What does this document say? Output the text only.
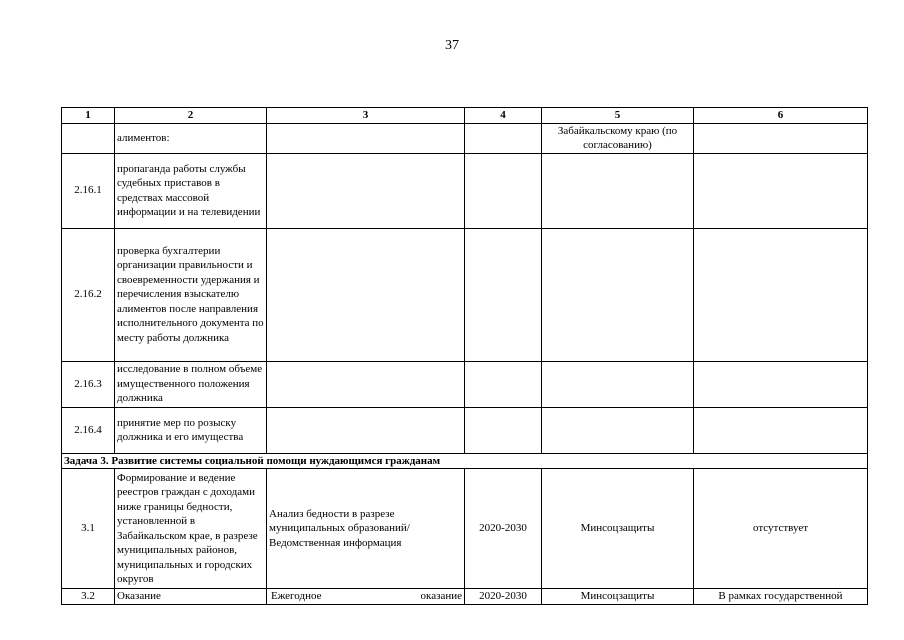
37
1	2	3	4	5	6
	алиментов:			Забайкальскому краю (по согласованию)	
2.16.1	пропаганда работы службы судебных приставов в средствах массовой информации и на телевидении				
2.16.2	проверка бухгалтерии организации правильности и своевременности удержания и перечисления взыскателю алиментов после направления исполнительного документа по месту работы должника				
2.16.3	исследование в полном объеме имущественного положения должника				
2.16.4	принятие мер по розыску должника и его имущества				
Задача 3. Развитие системы социальной помощи нуждающимся гражданам					
3.1	Формирование и ведение реестров граждан с доходами ниже границы бедности, установленной в Забайкальском крае, в разрезе муниципальных районов, муниципальных и городских округов	Анализ бедности в разрезе муниципальных образований/Ведомственная информация	2020-2030	Минсоцзащиты	отсутствует
3.2	Оказание	Ежегодное оказание	2020-2030	Минсоцзащиты	В рамках государственной
